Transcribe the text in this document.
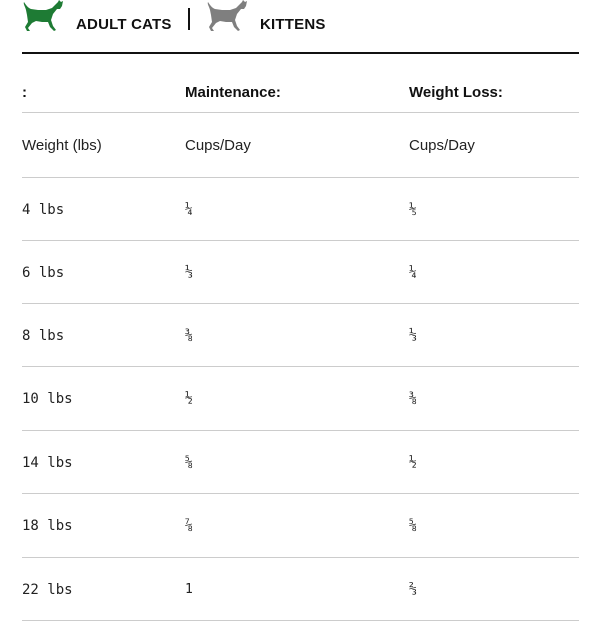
ADULT CATS	KITTENS
:	Maintenance:	Weight Loss:
Weight (lbs)	Cups/Day	Cups/Day
4 lbs	¼	⅕
6 lbs	⅓	¼
8 lbs	⅜	⅓
10 lbs	½	⅜
14 lbs	⅝	½
18 lbs	⅞	⅝
22 lbs	1	⅔
